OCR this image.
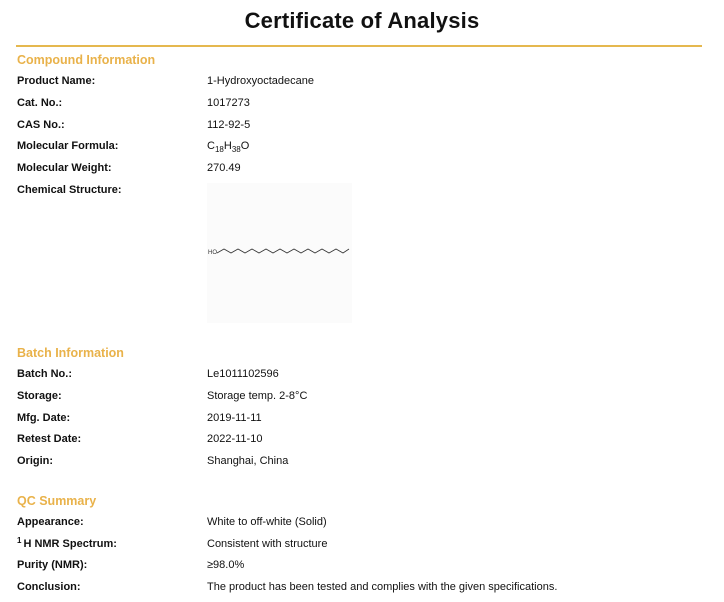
Certificate of Analysis
Compound Information
Product Name:	1-Hydroxyoctadecane
Cat. No.:	1017273
CAS No.:	112-92-5
Molecular Formula:	$C_{18}H_{38}O$
Molecular Weight:	270.49
Chemical Structure:
HO
Batch Information
Batch No.:	Le1011102596
Storage:	Storage temp. 2-8°C
Mfg. Date:	2019-11-11
Retest Date:	2022-11-10
Origin:	Shanghai, China
QC Summary
Appearance:	White to off-white (Solid)
$^1$ H NMR Spectrum:	Consistent with structure
Purity (NMR):	≥98.0%
Conclusion:	The product has been tested and complies with the given specifications.
